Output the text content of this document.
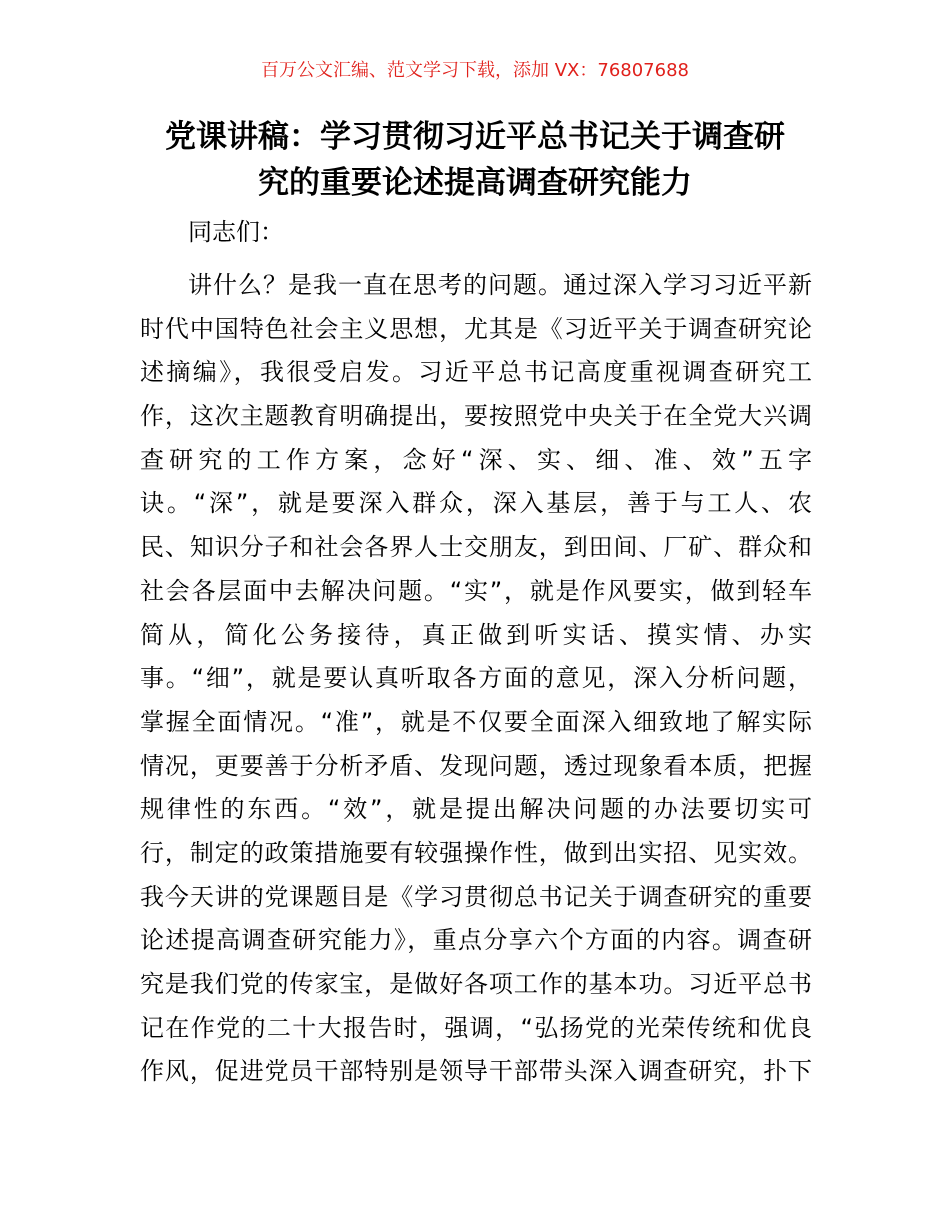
百万公文汇编、范文学习下载，添加 VX：76807688
党课讲稿：学习贯彻习近平总书记关于调查研
究的重要论述提高调查研究能力
同志们：
讲什么？是我一直在思考的问题。通过深入学习习近平新
时代中国特色社会主义思想，尤其是《习近平关于调查研究论
述摘编》，我很受启发。习近平总书记高度重视调查研究工
作，这次主题教育明确提出，要按照党中央关于在全党大兴调
查研究的工作方案，念好“深、实、细、准、效”五字
诀。“深”，就是要深入群众，深入基层，善于与工人、农
民、知识分子和社会各界人士交朋友，到田间、厂矿、群众和
社会各层面中去解决问题。“实”，就是作风要实，做到轻车
简从，简化公务接待，真正做到听实话、摸实情、办实
事。“细”，就是要认真听取各方面的意见，深入分析问题，
掌握全面情况。“准”，就是不仅要全面深入细致地了解实际
情况，更要善于分析矛盾、发现问题，透过现象看本质，把握
规律性的东西。“效”，就是提出解决问题的办法要切实可
行，制定的政策措施要有较强操作性，做到出实招、见实效。
我今天讲的党课题目是《学习贯彻总书记关于调查研究的重要
论述提高调查研究能力》，重点分享六个方面的内容。调查研
究是我们党的传家宝，是做好各项工作的基本功。习近平总书
记在作党的二十大报告时，强调，“弘扬党的光荣传统和优良
作风，促进党员干部特别是领导干部带头深入调查研究，扑下
